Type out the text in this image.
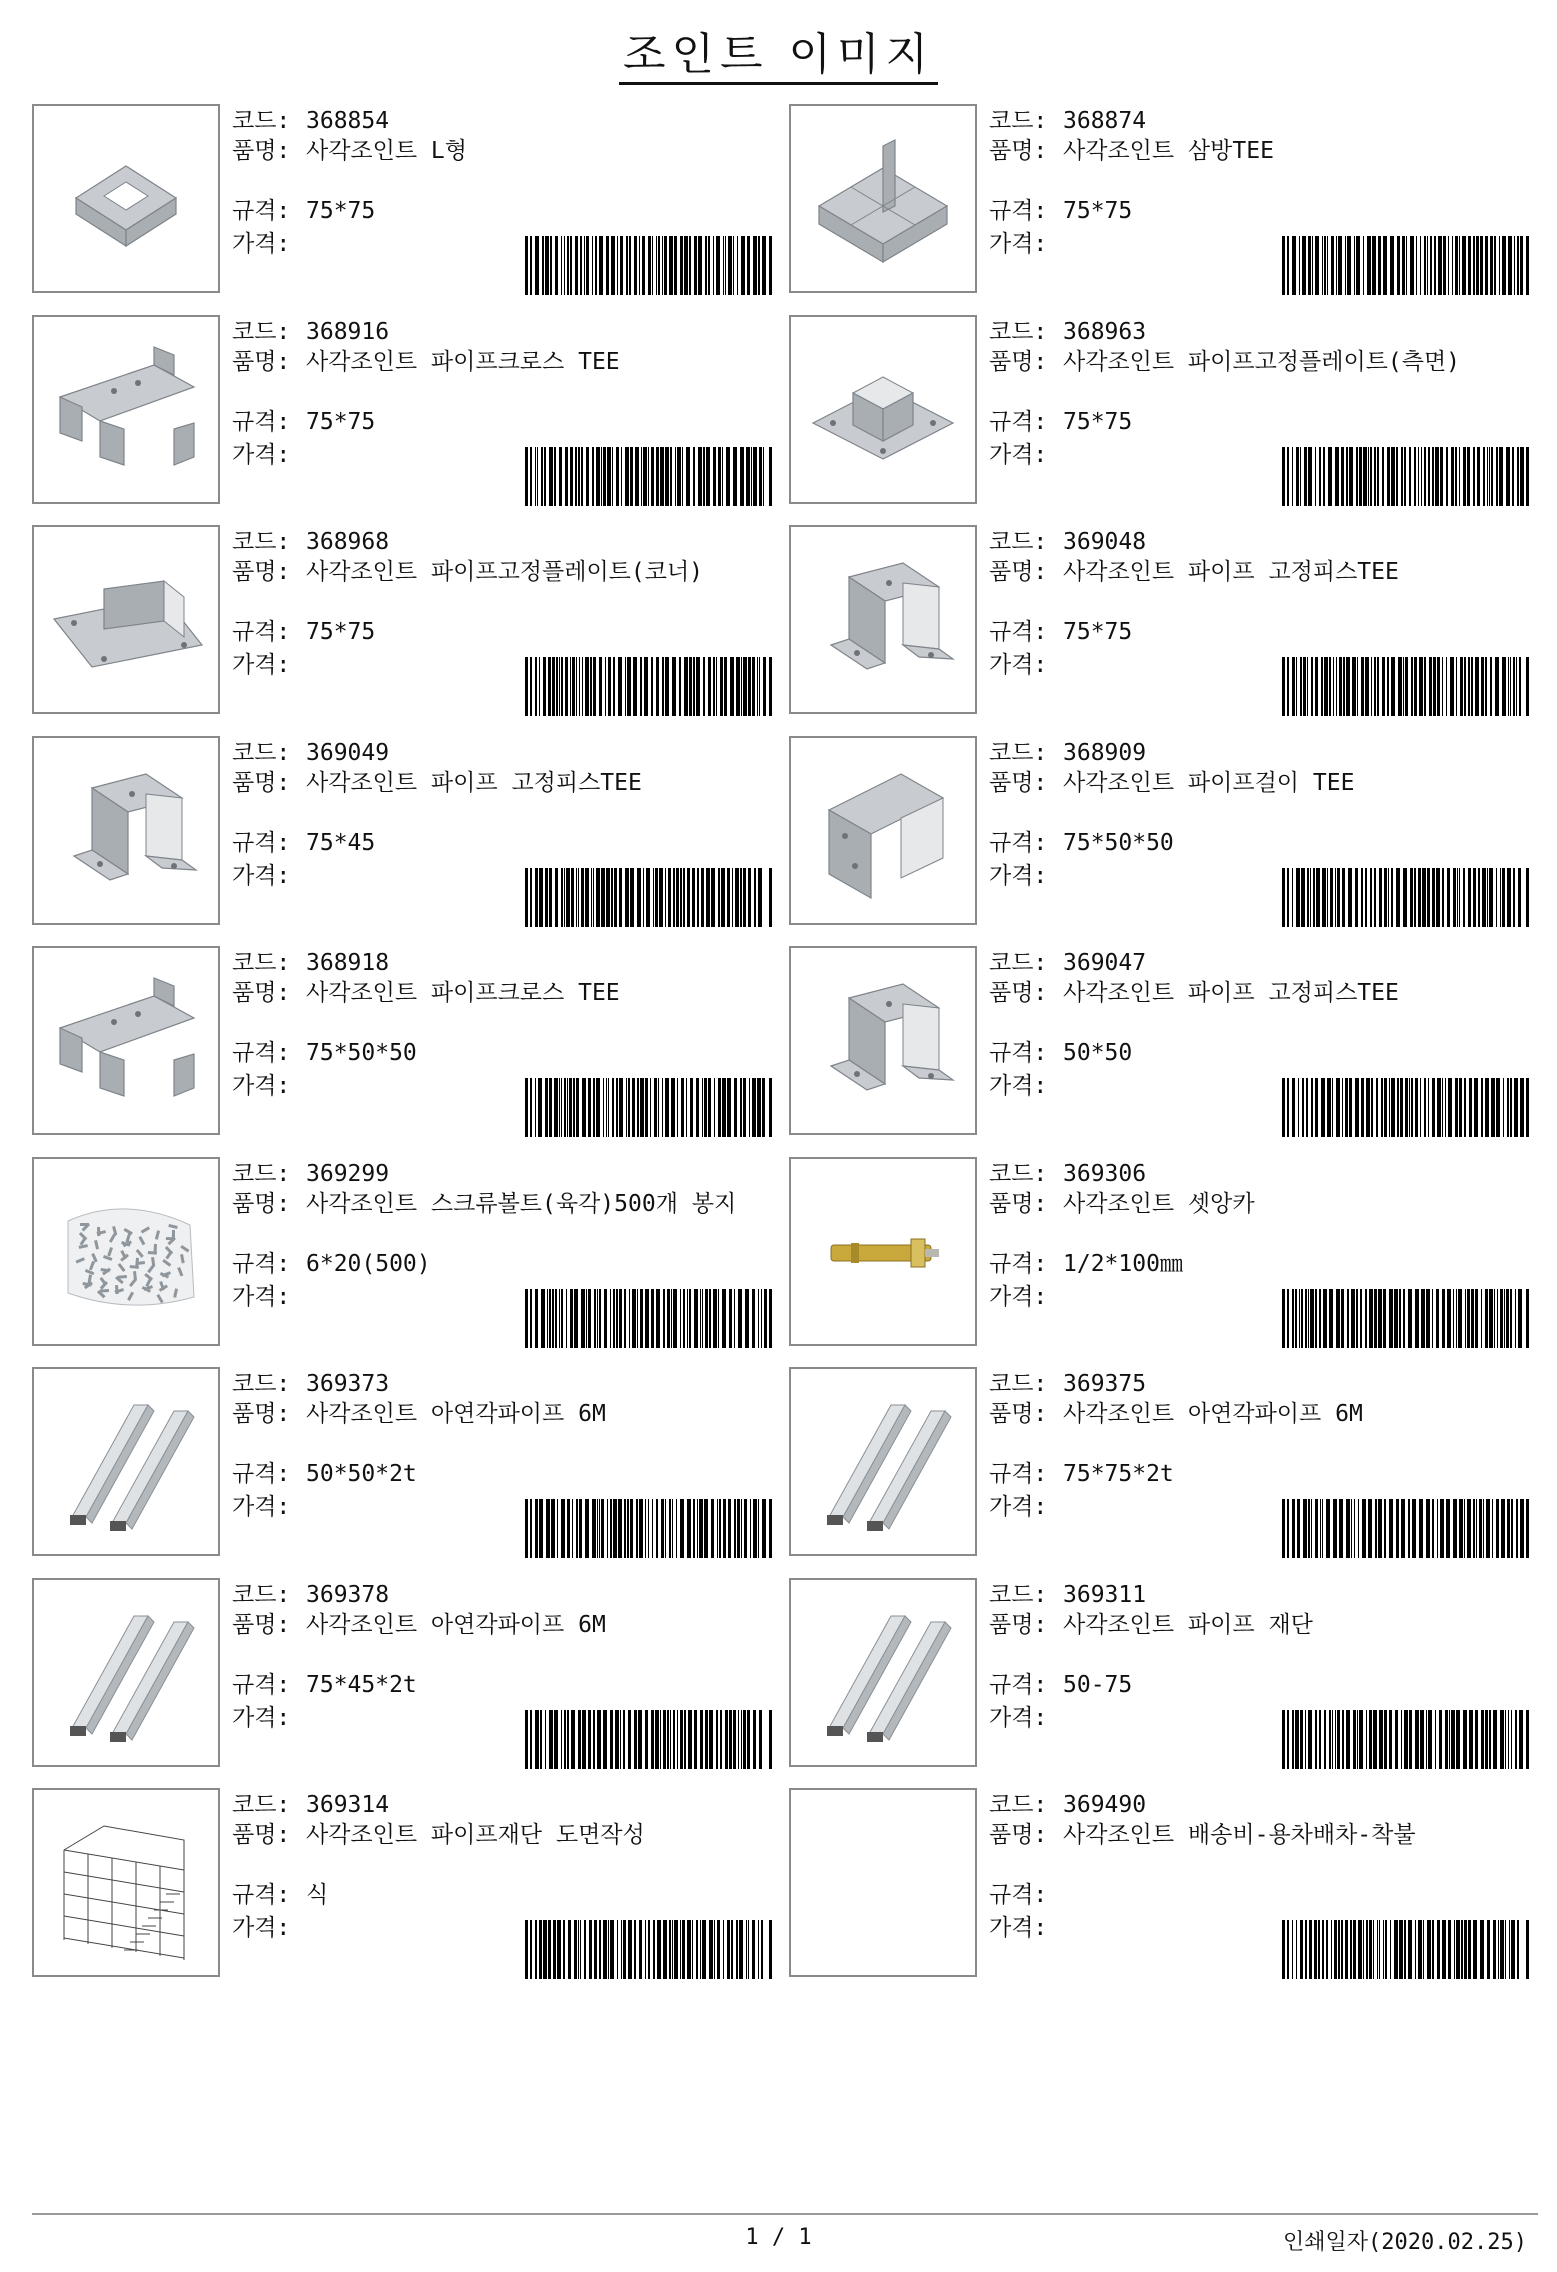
조인트 이미지
코드: 368854
품명: 사각조인트 L형
규격: 75*75
가격:
코드: 368874
품명: 사각조인트 삼방TEE
규격: 75*75
가격:
코드: 368916
품명: 사각조인트 파이프크로스 TEE
규격: 75*75
가격:
코드: 368963
품명: 사각조인트 파이프고정플레이트(측면)
규격: 75*75
가격:
코드: 368968
품명: 사각조인트 파이프고정플레이트(코너)
규격: 75*75
가격:
코드: 369048
품명: 사각조인트 파이프 고정피스TEE
규격: 75*75
가격:
코드: 369049
품명: 사각조인트 파이프 고정피스TEE
규격: 75*45
가격:
코드: 368909
품명: 사각조인트 파이프걸이 TEE
규격: 75*50*50
가격:
코드: 368918
품명: 사각조인트 파이프크로스 TEE
규격: 75*50*50
가격:
코드: 369047
품명: 사각조인트 파이프 고정피스TEE
규격: 50*50
가격:
코드: 369299
품명: 사각조인트 스크류볼트(육각)500개 봉지
규격: 6*20(500)
가격:
코드: 369306
품명: 사각조인트 셋앙카
규격: 1/2*100㎜
가격:
코드: 369373
품명: 사각조인트 아연각파이프 6M
규격: 50*50*2t
가격:
코드: 369375
품명: 사각조인트 아연각파이프 6M
규격: 75*75*2t
가격:
코드: 369378
품명: 사각조인트 아연각파이프 6M
규격: 75*45*2t
가격:
코드: 369311
품명: 사각조인트 파이프 재단
규격: 50-75
가격:
코드: 369314
품명: 사각조인트 파이프재단 도면작성
규격: 식
가격:
코드: 369490
품명: 사각조인트 배송비-용차배차-착불
규격:
가격:
1 / 1	인쇄일자(2020.02.25)
